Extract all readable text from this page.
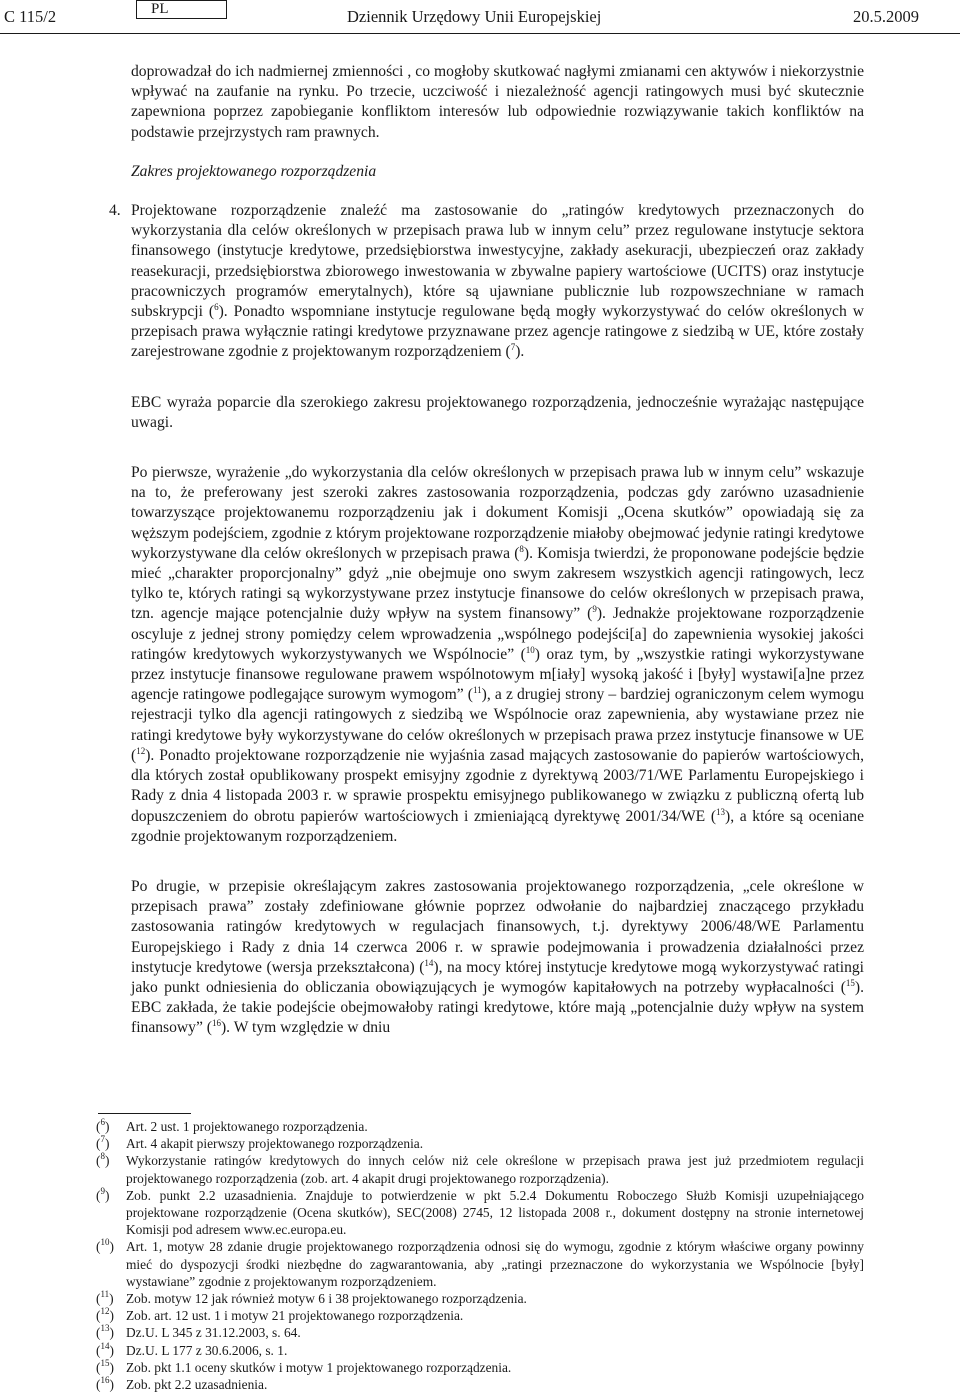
C 115/2	PL	Dziennik Urzędowy Unii Europejskiej	20.5.2009

doprowadzał do ich nadmiernej zmienności , co mogłoby skutkować nagłymi zmianami cen aktywów i niekorzystnie wpływać na zaufanie na rynku. Po trzecie, uczciwość i niezależność agencji ratingowych musi być skutecznie zapewniona poprzez zapobieganie konfliktom interesów lub odpowiednie rozwiązywanie takich konfliktów na podstawie przejrzystych ram prawnych.

Zakres projektowanego rozporządzenia

4. Projektowane rozporządzenie znaleźć ma zastosowanie do „ratingów kredytowych przeznaczonych do wykorzystania dla celów określonych w przepisach prawa lub w innym celu” przez regulowane instytucje sektora finansowego (instytucje kredytowe, przedsiębiorstwa inwestycyjne, zakłady asekuracji, ubezpieczeń oraz zakłady reasekuracji, przedsiębiorstwa zbiorowego inwestowania w zbywalne papiery wartościowe (UCITS) oraz instytucje pracowniczych programów emerytalnych), które są ujawniane publicznie lub rozpowszechniane w ramach subskrypcji ($^6$). Ponadto wspomniane instytucje regulowane będą mogły wykorzystywać do celów określonych w przepisach prawa wyłącznie ratingi kredytowe przyznawane przez agencje ratingowe z siedzibą w UE, które zostały zarejestrowane zgodnie z projektowanym rozporządzeniem ($^7$).

EBC wyraża poparcie dla szerokiego zakresu projektowanego rozporządzenia, jednocześnie wyrażając następujące uwagi.

Po pierwsze, wyrażenie „do wykorzystania dla celów określonych w przepisach prawa lub w innym celu” wskazuje na to, że preferowany jest szeroki zakres zastosowania rozporządzenia, podczas gdy zarówno uzasadnienie towarzyszące projektowanemu rozporządzeniu jak i dokument Komisji „Ocena skutków” opowiadają się za węższym podejściem, zgodnie z którym projektowane rozporządzenie miałoby obejmować jedynie ratingi kredytowe wykorzystywane dla celów określonych w przepisach prawa ($^8$). Komisja twierdzi, że proponowane podejście będzie mieć „charakter proporcjonalny” gdyż „nie obejmuje ono swym zakresem wszystkich agencji ratingowych, lecz tylko te, których ratingi są wykorzystywane przez instytucje finansowe do celów określonych w przepisach prawa, tzn. agencje mające potencjalnie duży wpływ na system finansowy” ($^9$). Jednakże projektowane rozporządzenie oscyluje z jednej strony pomiędzy celem wprowadzenia „wspólnego podejści[a] do zapewnienia wysokiej jakości ratingów kredytowych wykorzystywanych we Wspólnocie” ($^{10}$) oraz tym, by „wszystkie ratingi wykorzystywane przez instytucje finansowe regulowane prawem wspólnotowym m[iały] wysoką jakość i [były] wystawi[a]ne przez agencje ratingowe podlegające surowym wymogom” ($^{11}$), a z drugiej strony – bardziej ograniczonym celem wymogu rejestracji tylko dla agencji ratingowych z siedzibą we Wspólnocie oraz zapewnienia, aby wystawiane przez nie ratingi kredytowe były wykorzystywane do celów określonych w przepisach prawa przez instytucje finansowe w UE ($^{12}$). Ponadto projektowane rozporządzenie nie wyjaśnia zasad mających zastosowanie do papierów wartościowych, dla których został opublikowany prospekt emisyjny zgodnie z dyrektywą 2003/71/WE Parlamentu Europejskiego i Rady z dnia 4 listopada 2003 r. w sprawie prospektu emisyjnego publikowanego w związku z publiczną ofertą lub dopuszczeniem do obrotu papierów wartościowych i zmieniającą dyrektywę 2001/34/WE ($^{13}$), a które są oceniane zgodnie projektowanym rozporządzeniem.

Po drugie, w przepisie określającym zakres zastosowania projektowanego rozporządzenia, „cele określone w przepisach prawa” zostały zdefiniowane głównie poprzez odwołanie do najbardziej znaczącego przykładu zastosowania ratingów kredytowych w regulacjach finansowych, t.j. dyrektywy 2006/48/WE Parlamentu Europejskiego i Rady z dnia 14 czerwca 2006 r. w sprawie podejmowania i prowadzenia działalności przez instytucje kredytowe (wersja przekształcona) ($^{14}$), na mocy której instytucje kredytowe mogą wykorzystywać ratingi jako punkt odniesienia do obliczania obowiązujących je wymogów kapitałowych na potrzeby wypłacalności ($^{15}$). EBC zakłada, że takie podejście obejmowałoby ratingi kredytowe, które mają „potencjalnie duży wpływ na system finansowy” ($^{16}$). W tym względzie w dniu

($^6$) Art. 2 ust. 1 projektowanego rozporządzenia.
($^7$) Art. 4 akapit pierwszy projektowanego rozporządzenia.
($^8$) Wykorzystanie ratingów kredytowych do innych celów niż cele określone w przepisach prawa jest już przedmiotem regulacji projektowanego rozporządzenia (zob. art. 4 akapit drugi projektowanego rozporządzenia).
($^9$) Zob. punkt 2.2 uzasadnienia. Znajduje to potwierdzenie w pkt 5.2.4 Dokumentu Roboczego Służb Komisji uzupełniającego projektowane rozporządzenie (Ocena skutków), SEC(2008) 2745, 12 listopada 2008 r., dokument dostępny na stronie internetowej Komisji pod adresem www.ec.europa.eu.
($^{10}$) Art. 1, motyw 28 zdanie drugie projektowanego rozporządzenia odnosi się do wymogu, zgodnie z którym właściwe organy powinny mieć do dyspozycji środki niezbędne do zagwarantowania, aby „ratingi przeznaczone do wykorzystania we Wspólnocie [były] wystawiane” zgodnie z projektowanym rozporządzeniem.
($^{11}$) Zob. motyw 12 jak również motyw 6 i 38 projektowanego rozporządzenia.
($^{12}$) Zob. art. 12 ust. 1 i motyw 21 projektowanego rozporządzenia.
($^{13}$) Dz.U. L 345 z 31.12.2003, s. 64.
($^{14}$) Dz.U. L 177 z 30.6.2006, s. 1.
($^{15}$) Zob. pkt 1.1 oceny skutków i motyw 1 projektowanego rozporządzenia.
($^{16}$) Zob. pkt 2.2 uzasadnienia.
